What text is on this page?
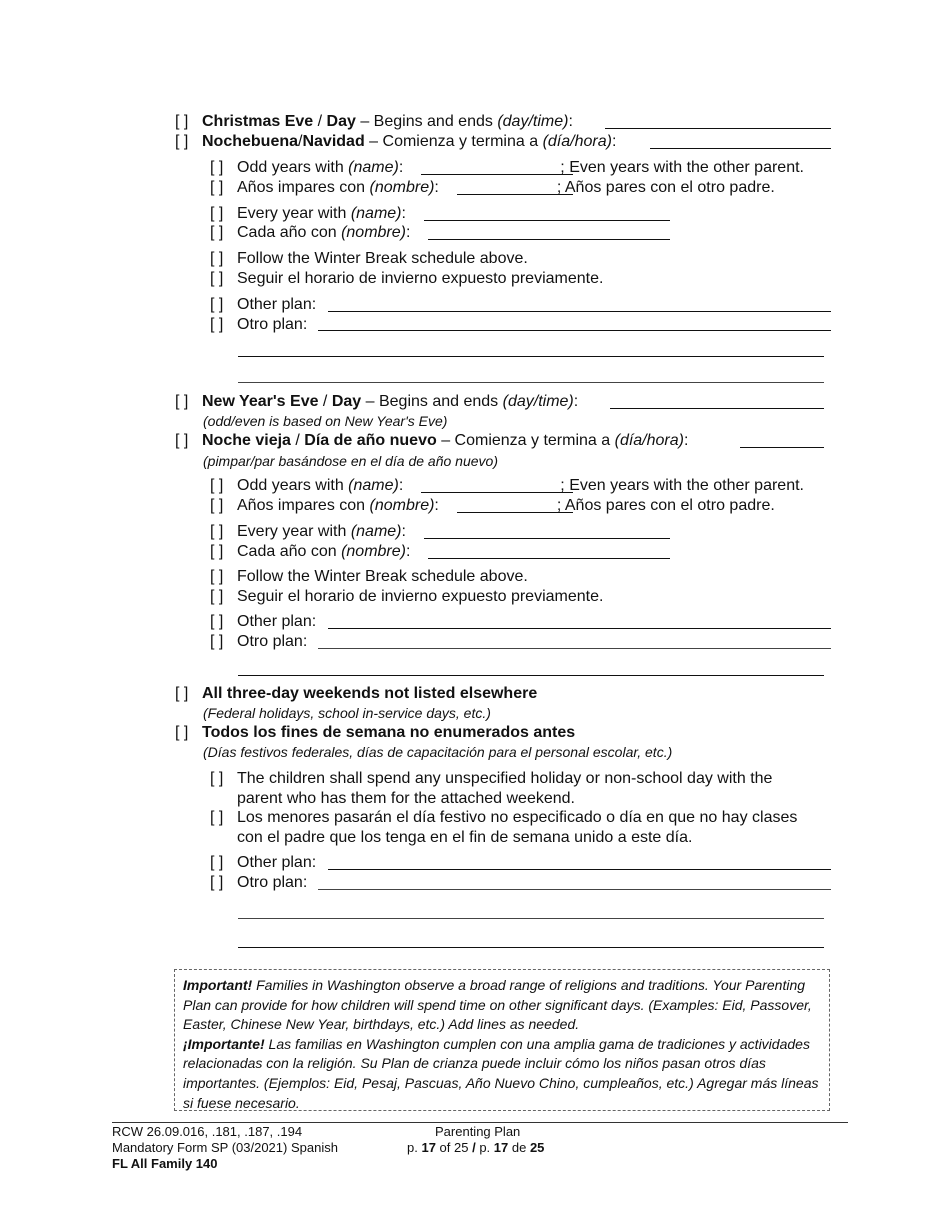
[ ] Christmas Eve / Day – Begins and ends (day/time):
[ ] Nochebuena/Navidad – Comienza y termina a (día/hora):
[ ] Odd years with (name):	; Even years with the other parent.
[ ] Años impares con (nombre):	; Años pares con el otro padre.
[ ] Every year with (name):
[ ] Cada año con (nombre):
[ ] Follow the Winter Break schedule above.
[ ] Seguir el horario de invierno expuesto previamente.
[ ] Other plan:
[ ] Otro plan:
[ ] New Year's Eve / Day – Begins and ends (day/time):
(odd/even is based on New Year's Eve)
[ ] Noche vieja / Día de año nuevo – Comienza y termina a (día/hora):
(pimpar/par basándose en el día de año nuevo)
[ ] Odd years with (name):	; Even years with the other parent.
[ ] Años impares con (nombre):	; Años pares con el otro padre.
[ ] Every year with (name):
[ ] Cada año con (nombre):
[ ] Follow the Winter Break schedule above.
[ ] Seguir el horario de invierno expuesto previamente.
[ ] Other plan:
[ ] Otro plan:
[ ] All three-day weekends not listed elsewhere
(Federal holidays, school in-service days, etc.)
[ ] Todos los fines de semana no enumerados antes
(Días festivos federales, días de capacitación para el personal escolar, etc.)
[ ] The children shall spend any unspecified holiday or non-school day with the
parent who has them for the attached weekend.
[ ] Los menores pasarán el día festivo no especificado o día en que no hay clases
con el padre que los tenga en el fin de semana unido a este día.
[ ] Other plan:
[ ] Otro plan:
Important! Families in Washington observe a broad range of religions and traditions. Your Parenting Plan can provide for how children will spend time on other significant days. (Examples: Eid, Passover, Easter, Chinese New Year, birthdays, etc.) Add lines as needed.
¡Importante! Las familias en Washington cumplen con una amplia gama de tradiciones y actividades relacionadas con la religión. Su Plan de crianza puede incluir cómo los niños pasan otros días importantes. (Ejemplos: Eid, Pesaj, Pascuas, Año Nuevo Chino, cumpleaños, etc.) Agregar más líneas si fuese necesario.
RCW 26.09.016, .181, .187, .194
Mandatory Form SP (03/2021) Spanish
FL All Family 140
Parenting Plan
p. 17 of 25 / p. 17 de 25
